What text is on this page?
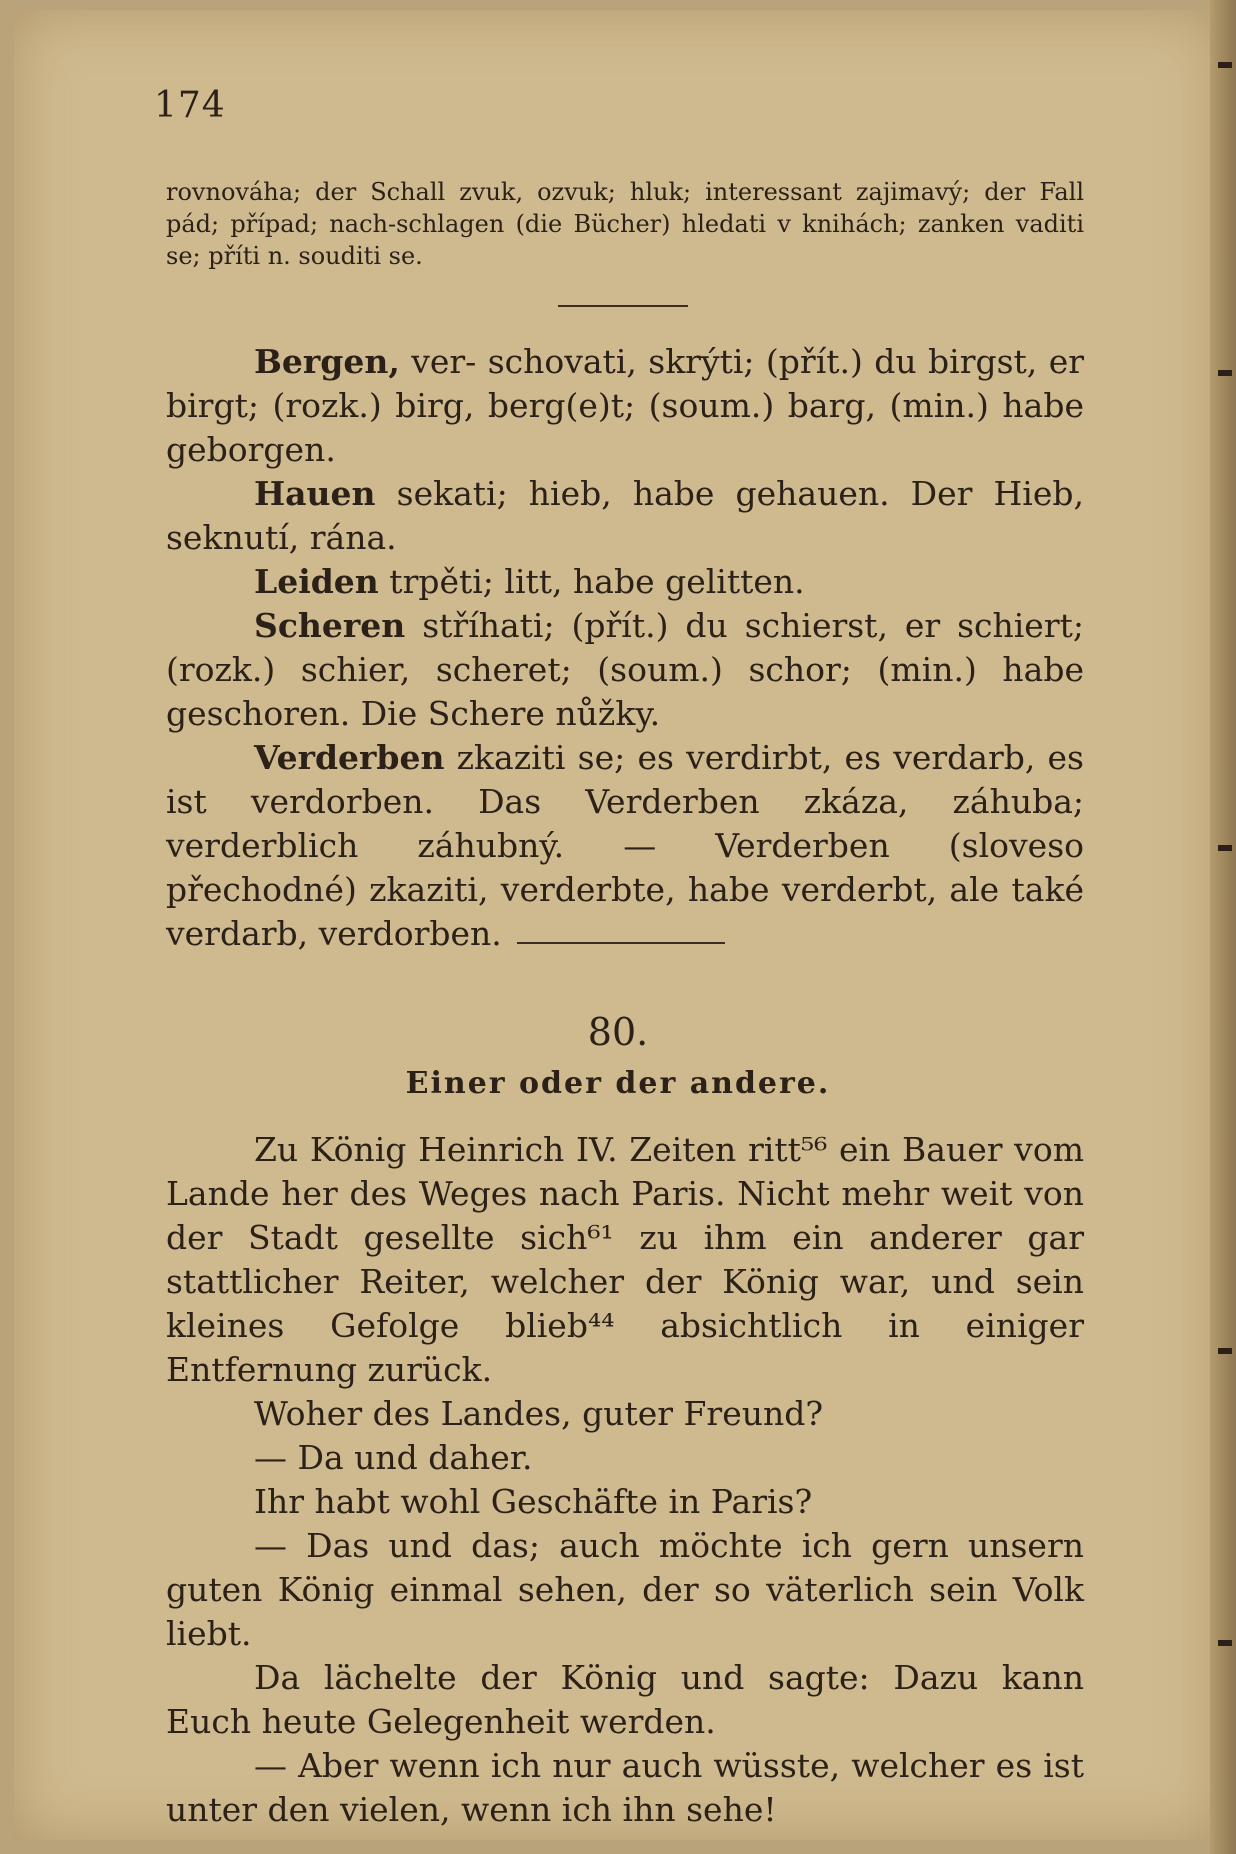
174
rovnováha; der Schall zvuk, ozvuk; hluk; interessant zajimavý; der Fall pád; případ; nach-schlagen (die Bücher) hledati v knihách; zanken vaditi se; příti n. souditi se.

Bergen, ver- schovati, skrýti; (přít.) du birgst, er birgt; (rozk.) birg, berg(e)t; (soum.) barg, (min.) habe geborgen.

Hauen sekati; hieb, habe gehauen. Der Hieb, seknutí, rána.

Leiden trpěti; litt, habe gelitten.

Scheren stříhati; (přít.) du schierst, er schiert; (rozk.) schier, scheret; (soum.) schor; (min.) habe geschoren. Die Schere nůžky.

Verderben zkaziti se; es verdirbt, es verdarb, es ist verdorben. Das Verderben zkáza, záhuba; verderblich záhubný. — Verderben (sloveso přechodné) zkaziti, verderbte, habe verderbt, ale také verdarb, verdorben.

80.
Einer oder der andere.

Zu König Heinrich IV. Zeiten ritt⁵⁶ ein Bauer vom Lande her des Weges nach Paris. Nicht mehr weit von der Stadt gesellte sich⁶¹ zu ihm ein anderer gar stattlicher Reiter, welcher der König war, und sein kleines Gefolge blieb⁴⁴ absichtlich in einiger Entfernung zurück.

Woher des Landes, guter Freund?

— Da und daher.

Ihr habt wohl Geschäfte in Paris?

— Das und das; auch möchte ich gern unsern guten König einmal sehen, der so väterlich sein Volk liebt.

Da lächelte der König und sagte: Dazu kann Euch heute Gelegenheit werden.

— Aber wenn ich nur auch wüsste, welcher es ist unter den vielen, wenn ich ihn sehe!
